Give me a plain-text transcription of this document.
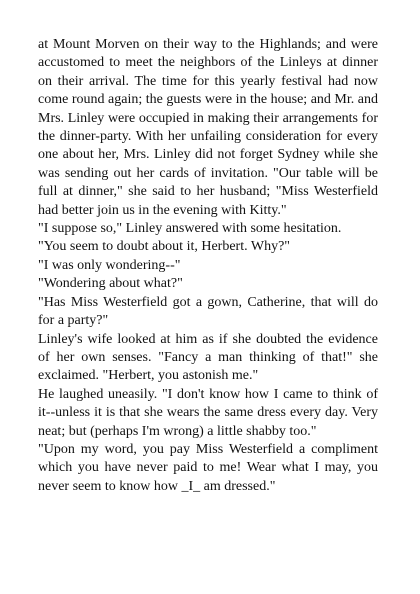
at Mount Morven on their way to the Highlands; and were accustomed to meet the neighbors of the Linleys at dinner on their arrival. The time for this yearly festival had now come round again; the guests were in the house; and Mr. and Mrs. Linley were occupied in making their arrangements for the dinner-party. With her unfailing consideration for every one about her, Mrs. Linley did not forget Sydney while she was sending out her cards of invitation. "Our table will be full at dinner," she said to her husband; "Miss Westerfield had better join us in the evening with Kitty."

"I suppose so," Linley answered with some hesitation.

"You seem to doubt about it, Herbert. Why?"

"I was only wondering--"

"Wondering about what?"

"Has Miss Westerfield got a gown, Catherine, that will do for a party?"

Linley's wife looked at him as if she doubted the evidence of her own senses. "Fancy a man thinking of that!" she exclaimed. "Herbert, you astonish me."

He laughed uneasily. "I don't know how I came to think of it--unless it is that she wears the same dress every day. Very neat; but (perhaps I'm wrong) a little shabby too."

"Upon my word, you pay Miss Westerfield a compliment which you have never paid to me! Wear what I may, you never seem to know how _I_ am dressed."
